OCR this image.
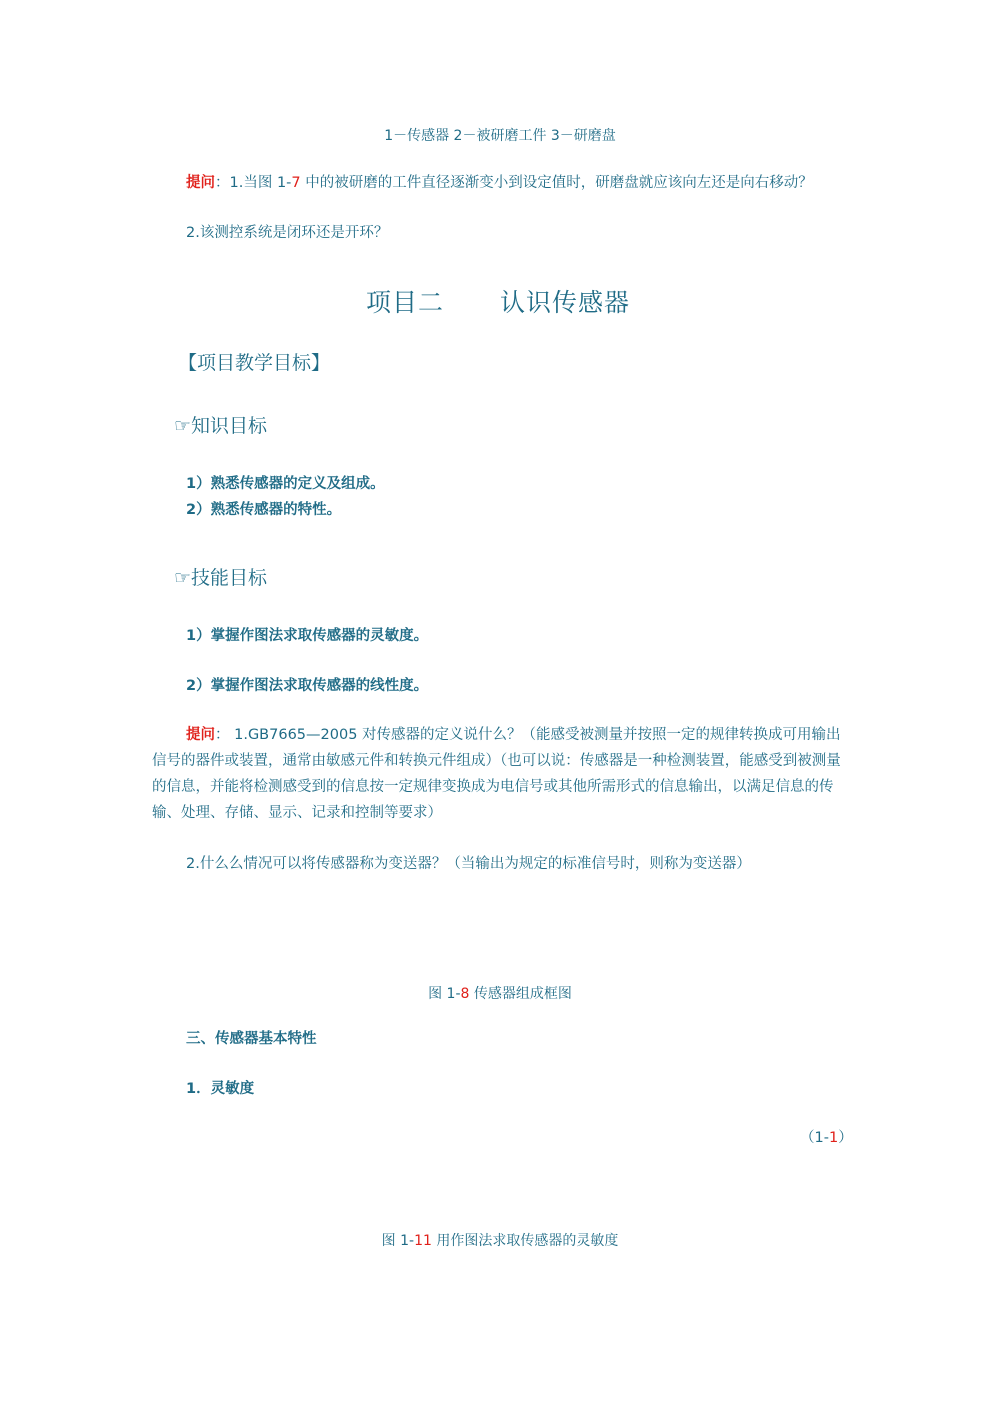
1－传感器 2－被研磨工件 3－研磨盘
提问：1.当图 1-7 中的被研磨的工件直径逐渐变小到设定值时，研磨盘就应该向左还是向右移动？
2.该测控系统是闭环还是开环？
项目二 认识传感器
【项目教学目标】
☞知识目标
1）熟悉传感器的定义及组成。
2）熟悉传感器的特性。
☞技能目标
1）掌握作图法求取传感器的灵敏度。
2）掌握作图法求取传感器的线性度。
提问： 1.GB7665—2005 对传感器的定义说什么？（能感受被测量并按照一定的规律转换成可用输出信号的器件或装置，通常由敏感元件和转换元件组成）（也可以说：传感器是一种检测装置，能感受到被测量的信息，并能将检测感受到的信息按一定规律变换成为电信号或其他所需形式的信息输出，以满足信息的传输、处理、存储、显示、记录和控制等要求）
2.什么么情况可以将传感器称为变送器？（当输出为规定的标准信号时，则称为变送器）
图 1-8 传感器组成框图
三、传感器基本特性
1．灵敏度
（1-1）
图 1-11 用作图法求取传感器的灵敏度
